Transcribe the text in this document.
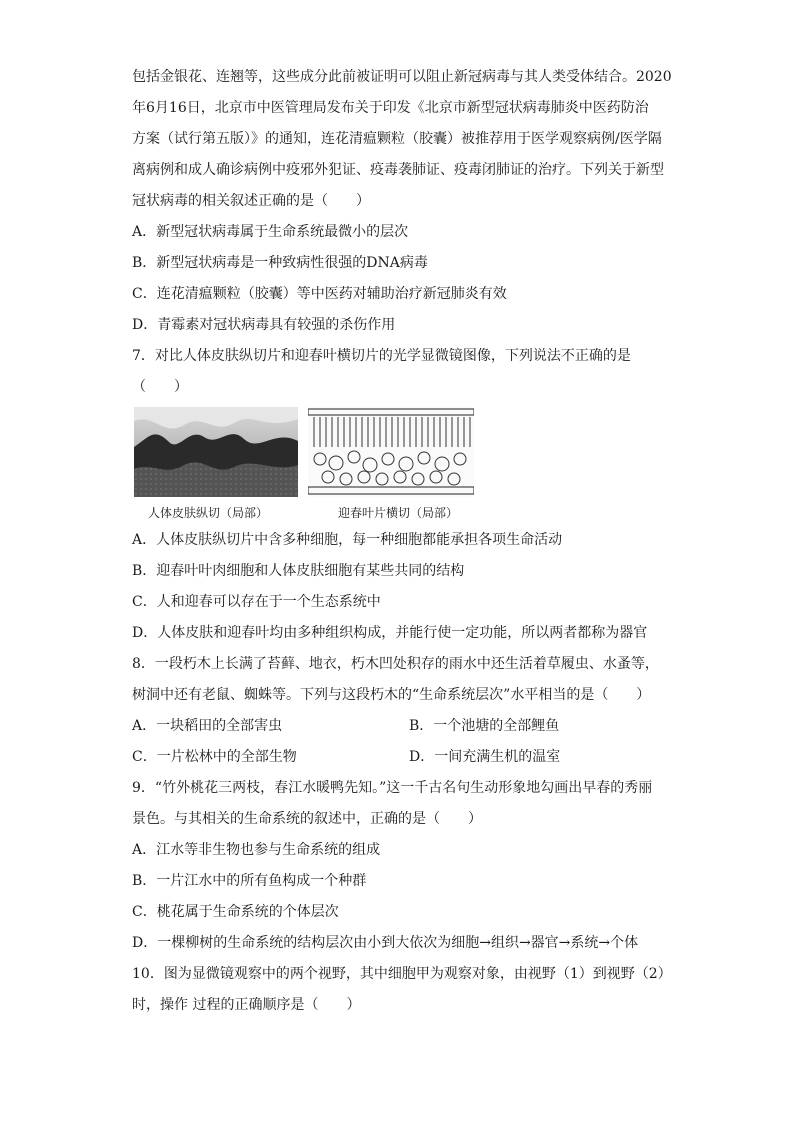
包括金银花、连翘等，这些成分此前被证明可以阻止新冠病毒与其人类受体结合。2020
年6月16日，北京市中医管理局发布关于印发《北京市新型冠状病毒肺炎中医药防治
方案（试行第五版）》的通知，连花清瘟颗粒（胶囊）被推荐用于医学观察病例/医学隔
离病例和成人确诊病例中疫邪外犯证、疫毒袭肺证、疫毒闭肺证的治疗。下列关于新型
冠状病毒的相关叙述正确的是（　　）
A．新型冠状病毒属于生命系统最微小的层次
B．新型冠状病毒是一种致病性很强的DNA病毒
C．连花清瘟颗粒（胶囊）等中医药对辅助治疗新冠肺炎有效
D．青霉素对冠状病毒具有较强的杀伤作用
7．对比人体皮肤纵切片和迎春叶横切片的光学显微镜图像，下列说法不正确的是
（　　）
人体皮肤纵切（局部）	迎春叶片横切（局部）
A．人体皮肤纵切片中含多种细胞，每一种细胞都能承担各项生命活动
B．迎春叶叶肉细胞和人体皮肤细胞有某些共同的结构
C．人和迎春可以存在于一个生态系统中
D．人体皮肤和迎春叶均由多种组织构成，并能行使一定功能，所以两者都称为器官
8．一段朽木上长满了苔藓、地衣，朽木凹处积存的雨水中还生活着草履虫、水蚤等，
树洞中还有老鼠、蜘蛛等。下列与这段朽木的“生命系统层次”水平相当的是（　　）
A．一块稻田的全部害虫	B．一个池塘的全部鲤鱼
C．一片松林中的全部生物	D．一间充满生机的温室
9．“竹外桃花三两枝，春江水暖鸭先知。”这一千古名句生动形象地勾画出早春的秀丽
景色。与其相关的生命系统的叙述中，正确的是（　　）
A．江水等非生物也参与生命系统的组成
B．一片江水中的所有鱼构成一个种群
C．桃花属于生命系统的个体层次
D．一棵柳树的生命系统的结构层次由小到大依次为细胞→组织→器官→系统→个体
10．图为显微镜观察中的两个视野，其中细胞甲为观察对象，由视野（1）到视野（2）
时，操作 过程的正确顺序是（　　）
